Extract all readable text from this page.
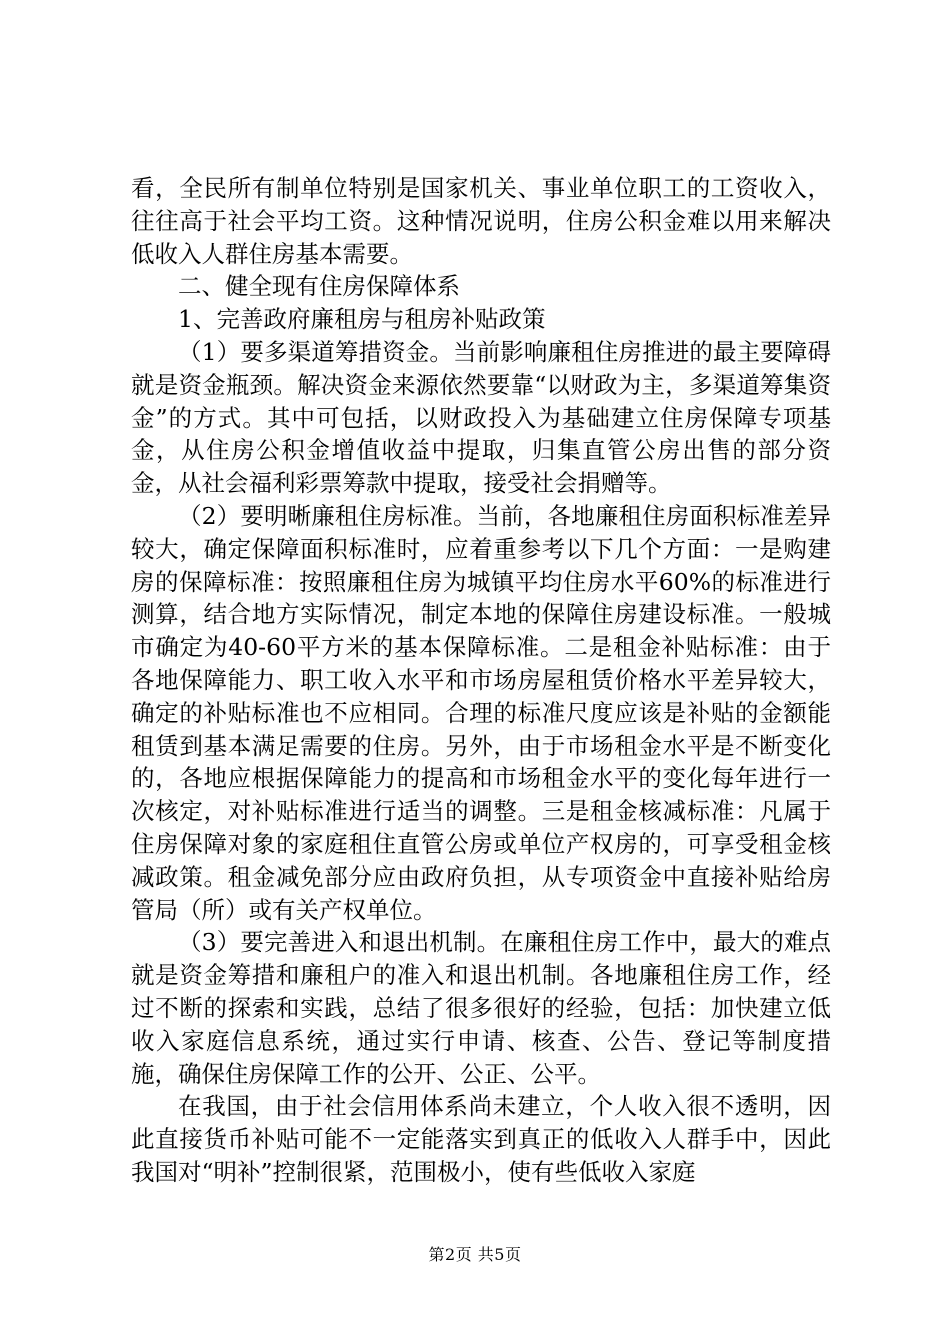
看，全民所有制单位特别是国家机关、事业单位职工的工资收入，往往高于社会平均工资。这种情况说明，住房公积金难以用来解决低收入人群住房基本需要。

二、健全现有住房保障体系

1、完善政府廉租房与租房补贴政策

（1）要多渠道筹措资金。当前影响廉租住房推进的最主要障碍就是资金瓶颈。解决资金来源依然要靠“以财政为主，多渠道筹集资金”的方式。其中可包括，以财政投入为基础建立住房保障专项基金，从住房公积金增值收益中提取，归集直管公房出售的部分资金，从社会福利彩票筹款中提取，接受社会捐赠等。

（2）要明晰廉租住房标准。当前，各地廉租住房面积标准差异较大，确定保障面积标准时，应着重参考以下几个方面：一是购建房的保障标准：按照廉租住房为城镇平均住房水平60%的标准进行测算，结合地方实际情况，制定本地的保障住房建设标准。一般城市确定为40-60平方米的基本保障标准。二是租金补贴标准：由于各地保障能力、职工收入水平和市场房屋租赁价格水平差异较大，确定的补贴标准也不应相同。合理的标准尺度应该是补贴的金额能租赁到基本满足需要的住房。另外，由于市场租金水平是不断变化的，各地应根据保障能力的提高和市场租金水平的变化每年进行一次核定，对补贴标准进行适当的调整。三是租金核减标准：凡属于住房保障对象的家庭租住直管公房或单位产权房的，可享受租金核减政策。租金减免部分应由政府负担，从专项资金中直接补贴给房管局（所）或有关产权单位。

（3）要完善进入和退出机制。在廉租住房工作中，最大的难点就是资金筹措和廉租户的准入和退出机制。各地廉租住房工作，经过不断的探索和实践，总结了很多很好的经验，包括：加快建立低收入家庭信息系统，通过实行申请、核查、公告、登记等制度措施，确保住房保障工作的公开、公正、公平。

在我国，由于社会信用体系尚未建立，个人收入很不透明，因此直接货币补贴可能不一定能落实到真正的低收入人群手中，因此我国对“明补”控制很紧，范围极小，使有些低收入家庭

第2页 共5页
